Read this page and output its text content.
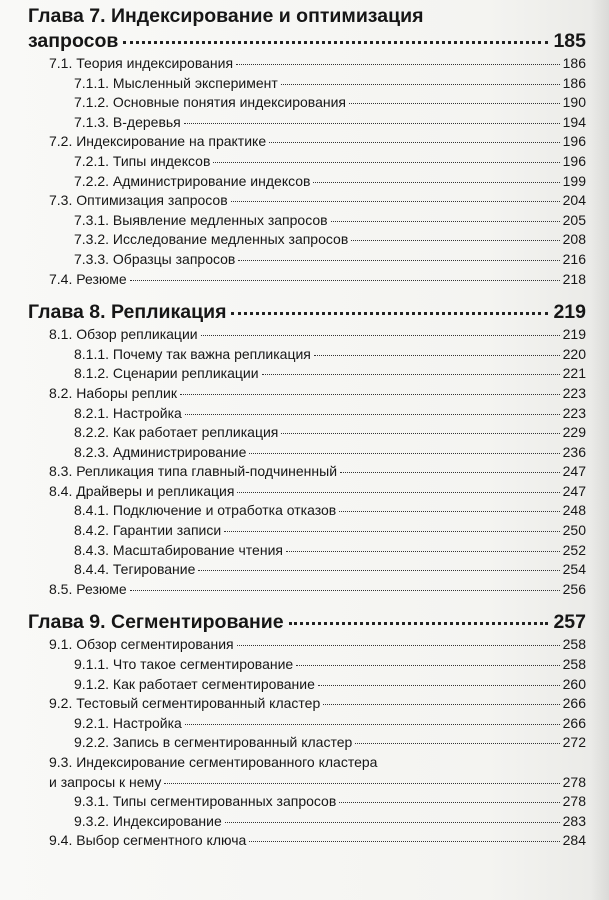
Глава 7. Индексирование и оптимизация
запросов	185
7.1. Теория индексирования	186
7.1.1. Мысленный эксперимент	186
7.1.2. Основные понятия индексирования	190
7.1.3. B-деревья	194
7.2. Индексирование на практике	196
7.2.1. Типы индексов	196
7.2.2. Администрирование индексов	199
7.3. Оптимизация запросов	204
7.3.1. Выявление медленных запросов	205
7.3.2. Исследование медленных запросов	208
7.3.3. Образцы запросов	216
7.4. Резюме	218
Глава 8. Репликация	219
8.1. Обзор репликации	219
8.1.1. Почему так важна репликация	220
8.1.2. Сценарии репликации	221
8.2. Наборы реплик	223
8.2.1. Настройка	223
8.2.2. Как работает репликация	229
8.2.3. Администрирование	236
8.3. Репликация типа главный-подчиненный	247
8.4. Драйверы и репликация	247
8.4.1. Подключение и отработка отказов	248
8.4.2. Гарантии записи	250
8.4.3. Масштабирование чтения	252
8.4.4. Тегирование	254
8.5. Резюме	256
Глава 9. Сегментирование	257
9.1. Обзор сегментирования	258
9.1.1. Что такое сегментирование	258
9.1.2. Как работает сегментирование	260
9.2. Тестовый сегментированный кластер	266
9.2.1. Настройка	266
9.2.2. Запись в сегментированный кластер	272
9.3. Индексирование сегментированного кластера
и запросы к нему	278
9.3.1. Типы сегментированных запросов	278
9.3.2. Индексирование	283
9.4. Выбор сегментного ключа	284
